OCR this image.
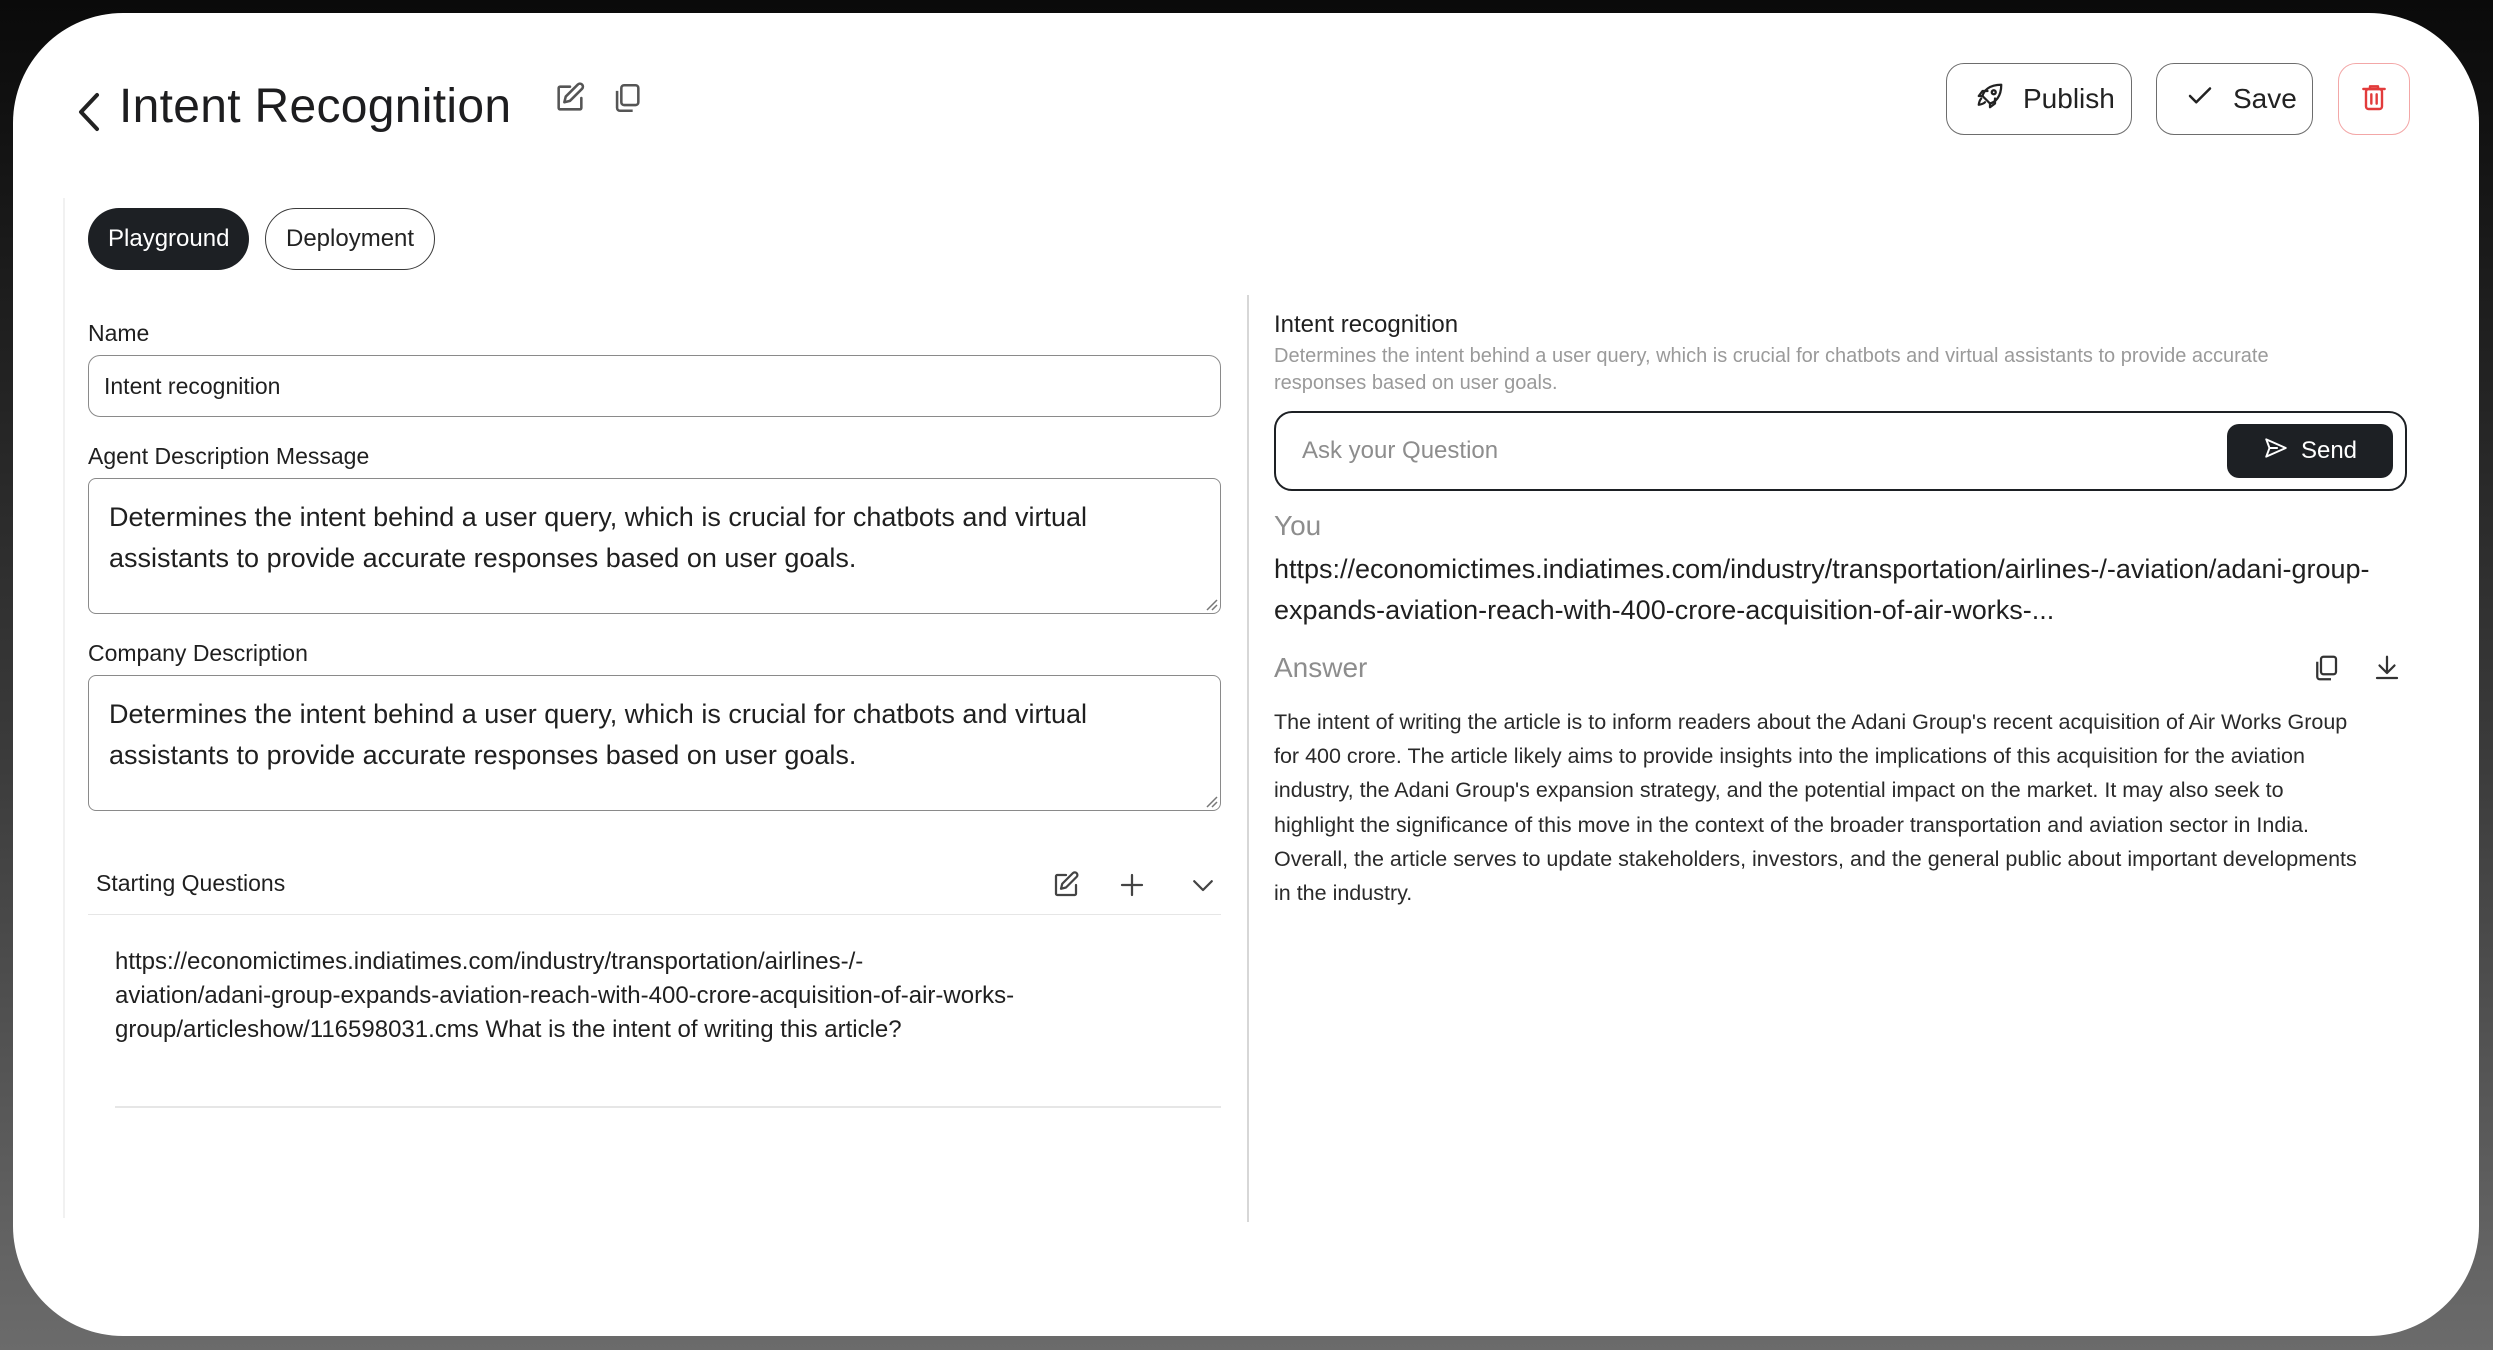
Intent Recognition	Publish	Save
Playground	Deployment
Name
Intent recognition
Agent Description Message
Determines the intent behind a user query, which is crucial for chatbots and virtual assistants to provide accurate responses based on user goals.
Company Description
Determines the intent behind a user query, which is crucial for chatbots and virtual assistants to provide accurate responses based on user goals.
Starting Questions
https://economictimes.indiatimes.com/industry/transportation/airlines-/-aviation/adani-group-expands-aviation-reach-with-400-crore-acquisition-of-air-works-group/articleshow/116598031.cms What is the intent of writing this article?
Intent recognition
Determines the intent behind a user query, which is crucial for chatbots and virtual assistants to provide accurate responses based on user goals.
Ask your Question
Send
You
https://economictimes.indiatimes.com/industry/transportation/airlines-/-aviation/adani-group-expands-aviation-reach-with-400-crore-acquisition-of-air-works-...
Answer
The intent of writing the article is to inform readers about the Adani Group's recent acquisition of Air Works Group for 400 crore. The article likely aims to provide insights into the implications of this acquisition for the aviation industry, the Adani Group's expansion strategy, and the potential impact on the market. It may also seek to highlight the significance of this move in the context of the broader transportation and aviation sector in India. Overall, the article serves to update stakeholders, investors, and the general public about important developments in the industry.
